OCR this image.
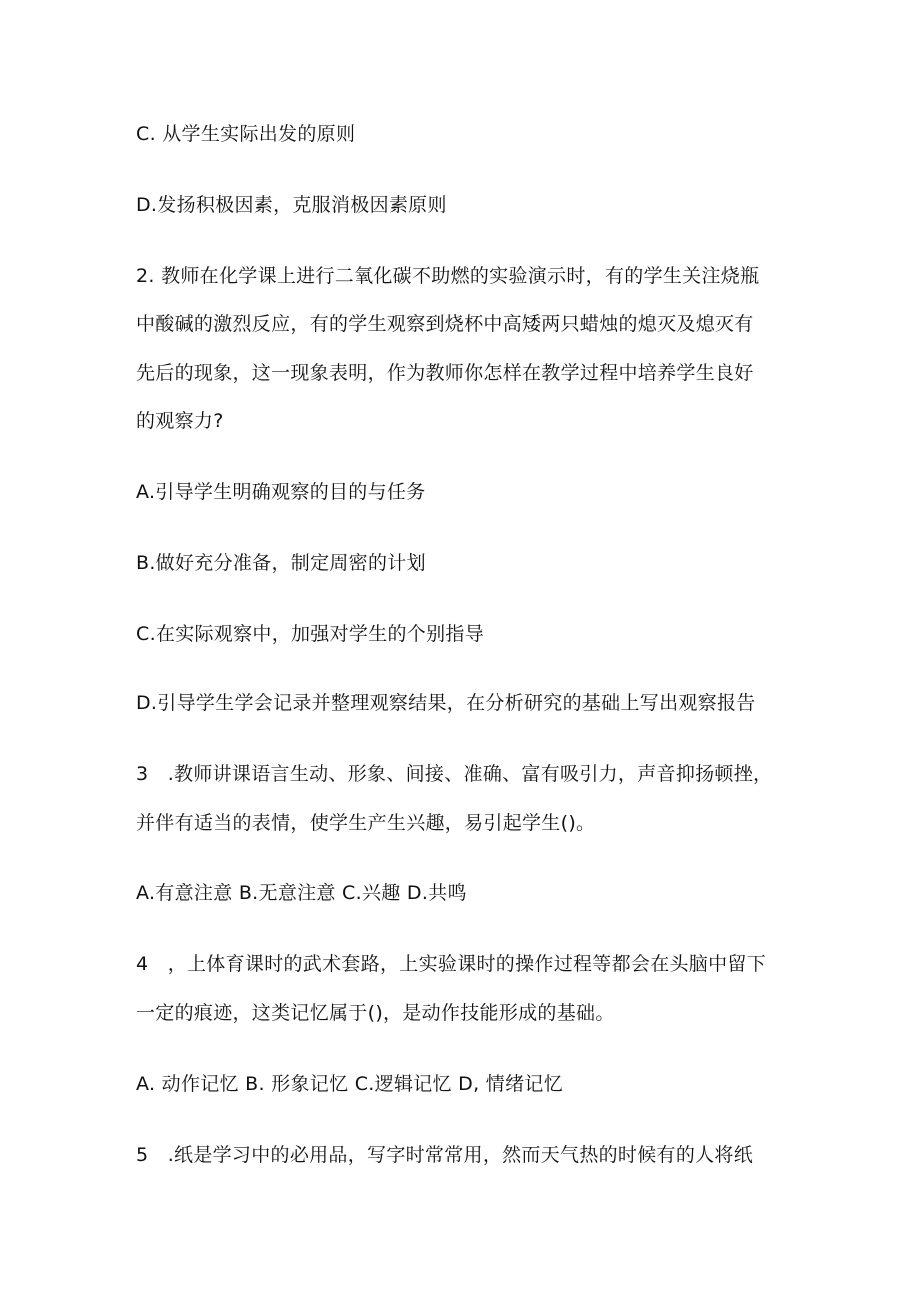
C. 从学生实际出发的原则
D.发扬积极因素，克服消极因素原则
2. 教师在化学课上进行二氧化碳不助燃的实验演示时，有的学生关注烧瓶
中酸碱的激烈反应，有的学生观察到烧杯中高矮两只蜡烛的熄灭及熄灭有
先后的现象，这一现象表明，作为教师你怎样在教学过程中培养学生良好
的观察力?
A.引导学生明确观察的目的与任务
B.做好充分准备，制定周密的计划
C.在实际观察中，加强对学生的个别指导
D.引导学生学会记录并整理观察结果，在分析研究的基础上写出观察报告
3　.教师讲课语言生动、形象、间接、准确、富有吸引力，声音抑扬顿挫，
并伴有适当的表情，使学生产生兴趣，易引起学生()。
A.有意注意 B.无意注意 C.兴趣 D.共鸣
4　，上体育课时的武术套路，上实验课时的操作过程等都会在头脑中留下
一定的痕迹，这类记忆属于()，是动作技能形成的基础。
A. 动作记忆 B. 形象记忆 C.逻辑记忆 D, 情绪记忆
5　.纸是学习中的必用品，写字时常常用，然而天气热的时候有的人将纸
